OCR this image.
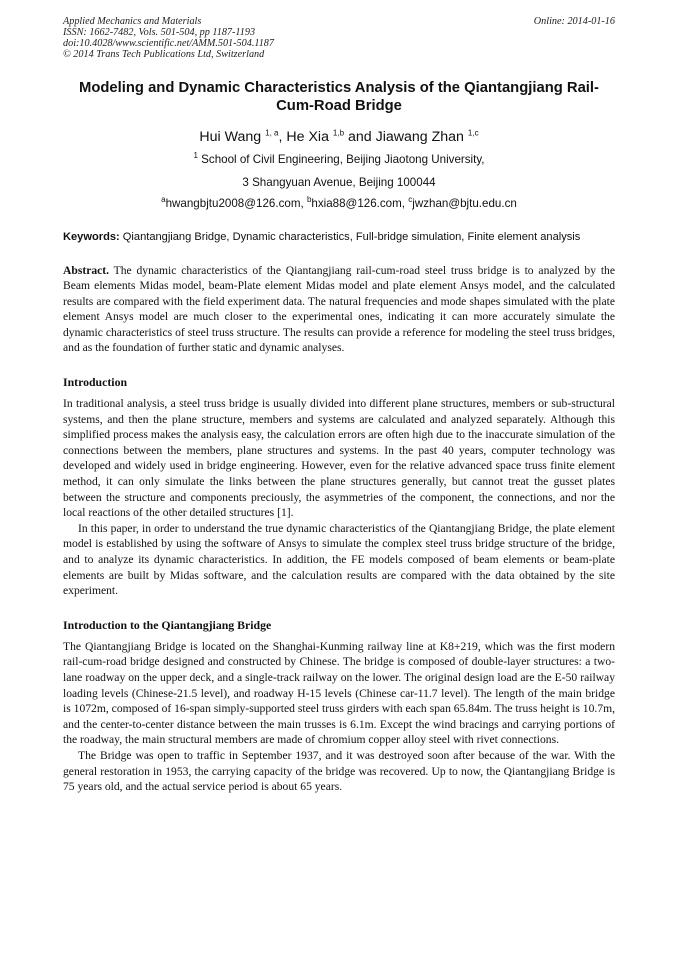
Applied Mechanics and Materials
ISSN: 1662-7482, Vols. 501-504, pp 1187-1193
doi:10.4028/www.scientific.net/AMM.501-504.1187
© 2014 Trans Tech Publications Ltd, Switzerland
Online: 2014-01-16
Modeling and Dynamic Characteristics Analysis of the Qiantangjiang Rail-Cum-Road Bridge
Hui Wang $^{1, a}$, He Xia $^{1,b}$ and Jiawang Zhan $^{1,c}$
$^1$ School of Civil Engineering, Beijing Jiaotong University,
3 Shangyuan Avenue, Beijing 100044
$^a$hwangbjtu2008@126.com, $^b$hxia88@126.com, $^c$jwzhan@bjtu.edu.cn
Keywords: Qiantangjiang Bridge, Dynamic characteristics, Full-bridge simulation, Finite element analysis

Abstract. The dynamic characteristics of the Qiantangjiang rail-cum-road steel truss bridge is to analyzed by the Beam elements Midas model, beam-Plate element Midas model and plate element Ansys model, and the calculated results are compared with the field experiment data. The natural frequencies and mode shapes simulated with the plate element Ansys model are much closer to the experimental ones, indicating it can more accurately simulate the dynamic characteristics of steel truss structure. The results can provide a reference for modeling the steel truss bridges, and as the foundation of further static and dynamic analyses.

Introduction

In traditional analysis, a steel truss bridge is usually divided into different plane structures, members or sub-structural systems, and then the plane structure, members and systems are calculated and analyzed separately. Although this simplified process makes the analysis easy, the calculation errors are often high due to the inaccurate simulation of the connections between the members, plane structures and systems. In the past 40 years, computer technology was developed and widely used in bridge engineering. However, even for the relative advanced space truss finite element method, it can only simulate the links between the plane structures generally, but cannot treat the gusset plates between the structure and components preciously, the asymmetries of the component, the connections, and nor the local reactions of the other detailed structures [1].

In this paper, in order to understand the true dynamic characteristics of the Qiantangjiang Bridge, the plate element model is established by using the software of Ansys to simulate the complex steel truss bridge structure of the bridge, and to analyze its dynamic characteristics. In addition, the FE models composed of beam elements or beam-plate elements are built by Midas software, and the calculation results are compared with the data obtained by the site experiment.

Introduction to the Qiantangjiang Bridge

The Qiantangjiang Bridge is located on the Shanghai-Kunming railway line at K8+219, which was the first modern rail-cum-road bridge designed and constructed by Chinese. The bridge is composed of double-layer structures: a two-lane roadway on the upper deck, and a single-track railway on the lower. The original design load are the E-50 railway loading levels (Chinese-21.5 level), and roadway H-15 levels (Chinese car-11.7 level). The length of the main bridge is 1072m, composed of 16-span simply-supported steel truss girders with each span 65.84m. The truss height is 10.7m, and the center-to-center distance between the main trusses is 6.1m. Except the wind bracings and carrying portions of the roadway, the main structural members are made of chromium copper alloy steel with rivet connections.

The Bridge was open to traffic in September 1937, and it was destroyed soon after because of the war. With the general restoration in 1953, the carrying capacity of the bridge was recovered. Up to now, the Qiantangjiang Bridge is 75 years old, and the actual service period is about 65 years.
